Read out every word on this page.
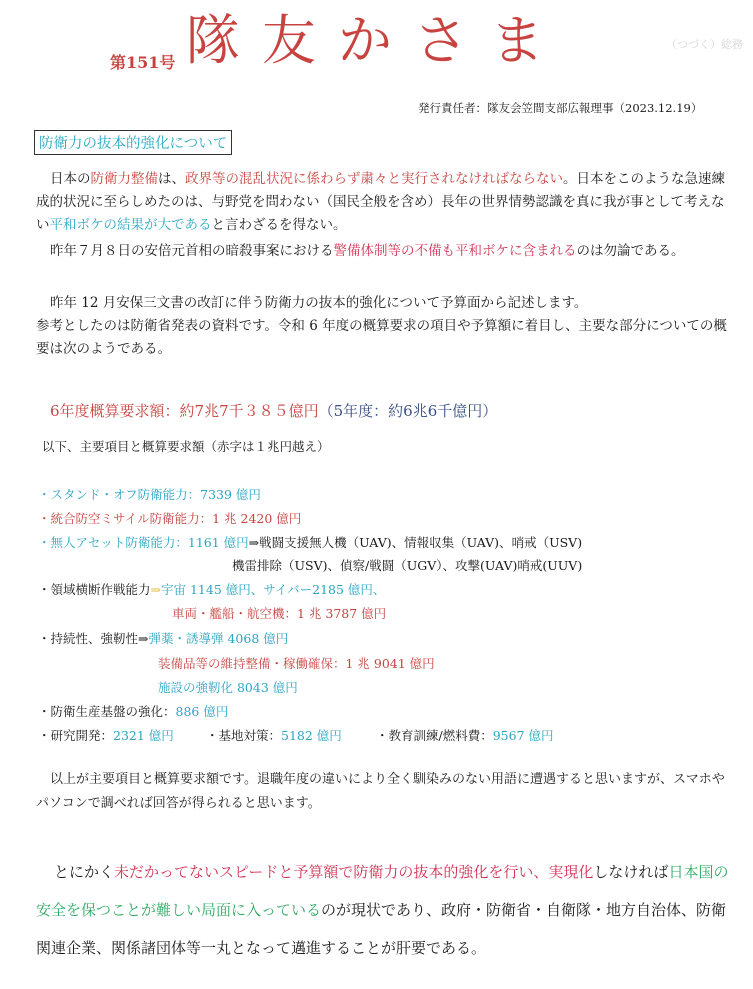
第151号 隊友かさま	（つづく）総務
発行責任者：隊友会笠間支部広報理事（2023.12.19）
防衛力の抜本的強化について
日本の防衛力整備は、政界等の混乱状況に係わらず粛々と実行されなければならない。日本をこのような急速練成的状況に至らしめたのは、与野党を問わない（国民全般を含め）長年の世界情勢認識を真に我が事として考えない平和ボケの結果が大であると言わざるを得ない。
昨年７月８日の安倍元首相の暗殺事案における警備体制等の不備も平和ボケに含まれるのは勿論である。
昨年 12 月安保三文書の改訂に伴う防衛力の抜本的強化について予算面から記述します。
参考としたのは防衛省発表の資料です。令和 6 年度の概算要求の項目や予算額に着目し、主要な部分についての概要は次のようである。
6年度概算要求額：約7兆7千３８５億円（5年度：約6兆6千億円）
以下、主要項目と概算要求額（赤字は１兆円越え）
・スタンド・オフ防衛能力：7339 億円
・統合防空ミサイル防衛能力：1 兆 2420 億円
・無人アセット防衛能力：1161 億円⇒戦闘支援無人機（UAV)、情報収集（UAV)、哨戒（USV)
機雷排除（USV)、偵察/戦闘（UGV）、攻撃(UAV)哨戒(UUV)
・領域横断作戦能力⇒宇宙 1145 億円、サイバー2185 億円、
車両・艦船・航空機：1 兆 3787 億円
・持続性、強靭性⇒弾薬・誘導弾 4068 億円
装備品等の維持整備・稼働確保：1 兆 9041 億円
施設の強靭化 8043 億円
・防衛生産基盤の強化：886 億円
・研究開発：2321 億円	・基地対策：5182 億円	・教育訓練/燃料費：9567 億円
以上が主要項目と概算要求額です。退職年度の違いにより全く馴染みのない用語に遭遇すると思いますが、スマホやパソコンで調べれば回答が得られると思います。
とにかく未だかってないスピードと予算額で防衛力の抜本的強化を行い、実現化しなければ日本国の安全を保つことが難しい局面に入っているのが現状であり、政府・防衛省・自衛隊・地方自治体、防衛関連企業、関係諸団体等一丸となって邁進することが肝要である。
